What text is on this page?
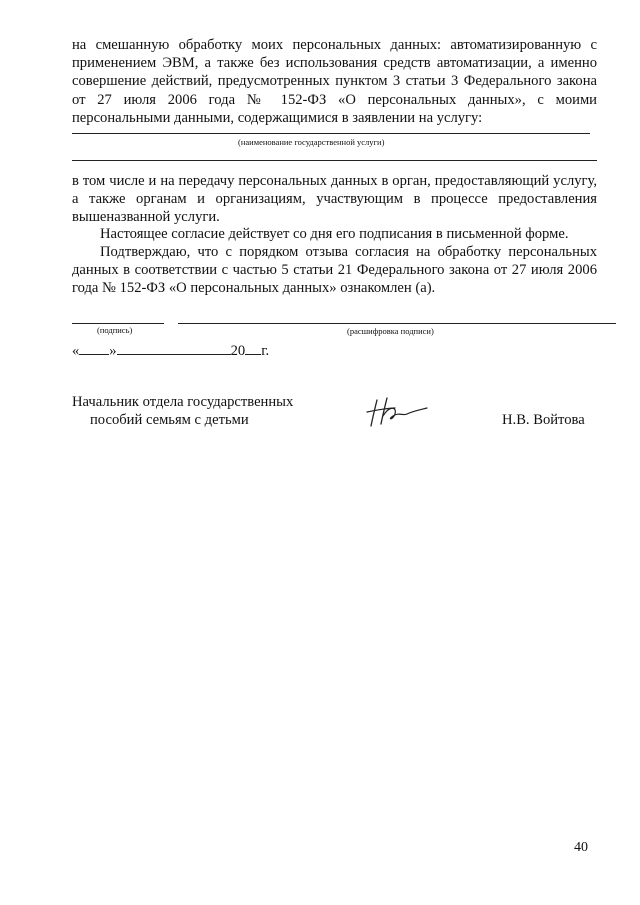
на смешанную обработку моих персональных данных: автоматизированную с применением ЭВМ, а также без использования средств автоматизации, а именно совершение действий, предусмотренных пунктом 3 статьи 3 Федерального закона от 27 июля 2006 года № 152-ФЗ «О персональных данных», с моими персональными данными, содержащимися в заявлении на услугу:

(наименование государственной услуги)

в том числе и на передачу персональных данных в орган, предоставляющий услугу, а также органам и организациям, участвующим в процессе предоставления вышеназванной услуги.

Настоящее согласие действует со дня его подписания в письменной форме.

Подтверждаю, что с порядком отзыва согласия на обработку персональных данных в соответствии с частью 5 статьи 21 Федерального закона от 27 июля 2006 года № 152-ФЗ «О персональных данных» ознакомлен (а).

(подпись)	(расшифровка подписи)
« »	20 г.
Начальник отдела государственных
пособий семьям с детьми	Н.В. Войтова
40
